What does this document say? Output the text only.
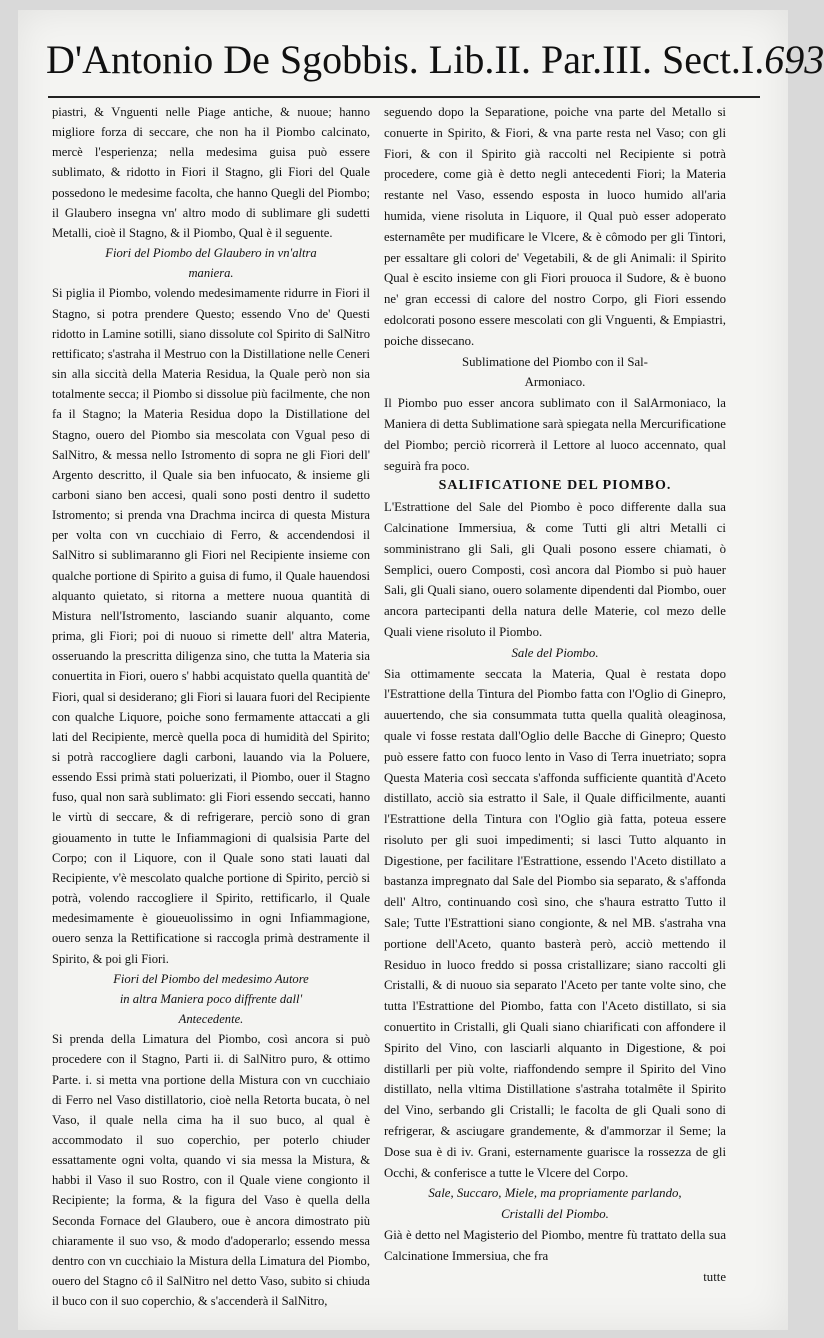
D'Antonio De Sgobbis. Lib.II. Par.III. Sect.I. 693

piastri, & Vnguenti nelle Piage antiche, & nuoue; hanno migliore forza di seccare, che non ha il Piombo calcinato, mercè l'esperienza; nella medesima guisa può essere sublimato, & ridotto in Fiori il Stagno, gli Fiori del Quale possedono le medesime facolta, che hanno Quegli del Piombo; il Glaubero insegna vn' altro modo di sublimare gli sudetti Metalli, cioè il Stagno, & il Piombo, Qual è il seguente.

Fiori del Piombo del Glaubero in vn'altra

maniera.

Si piglia il Piombo, volendo medesimamente ridurre in Fiori il Stagno, si potra prendere Questo; essendo Vno de' Questi ridotto in Lamine sotilli, siano dissolute col Spirito di SalNitro rettificato; s'astraha il Mestruo con la Distillatione nelle Ceneri sin alla siccità della Materia Residua, la Quale però non sia totalmente secca; il Piombo si dissolue più facilmente, che non fa il Stagno; la Materia Residua dopo la Distillatione del Stagno, ouero del Piombo sia mescolata con Vgual peso di SalNitro, & messa nello Istromento di sopra ne gli Fiori dell' Argento descritto, il Quale sia ben infuocato, & insieme gli carboni siano ben accesi, quali sono posti dentro il sudetto Istromento; si prenda vna Drachma incirca di questa Mistura per volta con vn cucchiaio di Ferro, & accendendosi il SalNitro si sublimaranno gli Fiori nel Recipiente insieme con qualche portione di Spirito a guisa di fumo, il Quale hauendosi alquanto quietato, si ritorna a mettere nuoua quantità di Mistura nell'Istromento, lasciando suanir alquanto, come prima, gli Fiori; poi di nuouo si rimette dell' altra Materia, osseruando la prescritta diligenza sino, che tutta la Materia sia conuertita in Fiori, ouero s' habbi acquistato quella quantità de' Fiori, qual si desiderano; gli Fiori si lauara fuori del Recipiente con qualche Liquore, poiche sono fermamente attaccati a gli lati del Recipiente, mercè quella poca di humidità del Spirito; si potrà raccogliere dagli carboni, lauando via la Poluere, essendo Essi primà stati poluerizati, il Piombo, ouer il Stagno fuso, qual non sarà sublimato: gli Fiori essendo seccati, hanno le virtù di seccare, & di refrigerare, perciò sono di gran giouamento in tutte le Infiammagioni di qualsisia Parte del Corpo; con il Liquore, con il Quale sono stati lauati dal Recipiente, v'è mescolato qualche portione di Spirito, perciò si potrà, volendo raccogliere il Spirito, rettificarlo, il Quale medesimamente è gioueuolissimo in ogni Infiammagione, ouero senza la Rettificatione si raccogla primà destramente il Spirito, & poi gli Fiori.

Fiori del Piombo del medesimo Autore

in altra Maniera poco diffrente dall'

Antecedente.

Si prenda della Limatura del Piombo, così ancora si può procedere con il Stagno, Parti ii. di SalNitro puro, & ottimo Parte. i. si metta vna portione della Mistura con vn cucchiaio di Ferro nel Vaso distillatorio, cioè nella Retorta bucata, ò nel Vaso, il quale nella cima ha il suo buco, al qual è accommodato il suo coperchio, per poterlo chiuder essattamente ogni volta, quando vi sia messa la Mistura, & habbi il Vaso il suo Rostro, con il Quale viene congionto il Recipiente; la forma, & la figura del Vaso è quella della Seconda Fornace del Glaubero, oue è ancora dimostrato più chiaramente il suo vso, & modo d'adoperarlo; essendo messa dentro con vn cucchiaio la Mistura della Limatura del Piombo, ouero del Stagno cô il SalNitro nel detto Vaso, subito si chiuda il buco con il suo coperchio, & s'accenderà il SalNitro,

seguendo dopo la Separatione, poiche vna parte del Metallo si conuerte in Spirito, & Fiori, & vna parte resta nel Vaso; con gli Fiori, & con il Spirito già raccolti nel Recipiente si potrà procedere, come già è detto negli antecedenti Fiori; la Materia restante nel Vaso, essendo esposta in luoco humido all'aria humida, viene risoluta in Liquore, il Qual può esser adoperato esternamête per mudificare le Vlcere, & è cômodo per gli Tintori, per essaltare gli colori de' Vegetabili, & de gli Animali: il Spirito Qual è escito insieme con gli Fiori prouoca il Sudore, & è buono ne' gran eccessi di calore del nostro Corpo, gli Fiori essendo edolcorati posono essere mescolati con gli Vnguenti, & Empiastri, poiche dissecano.

Sublimatione del Piombo con il Sal-

Armoniaco.

Il Piombo puo esser ancora sublimato con il SalArmoniaco, la Maniera di detta Sublimatione sarà spiegata nella Mercurificatione del Piombo; perciò ricorrerà il Lettore al luoco accennato, qual seguirà fra poco.

SALIFICATIONE DEL PIOMBO.

L'Estrattione del Sale del Piombo è poco differente dalla sua Calcinatione Immersiua, & come Tutti gli altri Metalli ci somministrano gli Sali, gli Quali posono essere chiamati, ò Semplici, ouero Composti, così ancora dal Piombo si può hauer Sali, gli Quali siano, ouero solamente dipendenti dal Piombo, ouer ancora partecipanti della natura delle Materie, col mezo delle Quali viene risoluto il Piombo.

Sale del Piombo.

Sia ottimamente seccata la Materia, Qual è restata dopo l'Estrattione della Tintura del Piombo fatta con l'Oglio di Ginepro, auuertendo, che sia consummata tutta quella qualità oleaginosa, quale vi fosse restata dall'Oglio delle Bacche di Ginepro; Questo può essere fatto con fuoco lento in Vaso di Terra inuetriato; sopra Questa Materia così seccata s'affonda sufficiente quantità d'Aceto distillato, acciò sia estratto il Sale, il Quale difficilmente, auanti l'Estrattione della Tintura con l'Oglio già fatta, poteua essere risoluto per gli suoi impedimenti; si lasci Tutto alquanto in Digestione, per facilitare l'Estrattione, essendo l'Aceto distillato a bastanza impregnato dal Sale del Piombo sia separato, & s'affonda dell' Altro, continuando così sino, che s'haura estratto Tutto il Sale; Tutte l'Estrattioni siano congionte, & nel MB. s'astraha vna portione dell'Aceto, quanto basterà però, acciò mettendo il Residuo in luoco freddo si possa cristallizare; siano raccolti gli Cristalli, & di nuouo sia separato l'Aceto per tante volte sino, che tutta l'Estrattione del Piombo, fatta con l'Aceto distillato, si sia conuertito in Cristalli, gli Quali siano chiarificati con affondere il Spirito del Vino, con lasciarli alquanto in Digestione, & poi distillarli per più volte, riaffondendo sempre il Spirito del Vino distillato, nella vltima Distillatione s'astraha totalmête il Spirito del Vino, serbando gli Cristalli; le facolta de gli Quali sono di refrigerar, & asciugare grandemente, & d'ammorzar il Seme; la Dose sua è di iv. Grani, esternamente guarisce la rossezza de gli Occhi, & conferisce a tutte le Vlcere del Corpo.

Sale, Succaro, Miele, ma propriamente parlando,

Cristalli del Piombo.

Già è detto nel Magisterio del Piombo, mentre fù trattato della sua Calcinatione Immersiua, che fra

tutte
